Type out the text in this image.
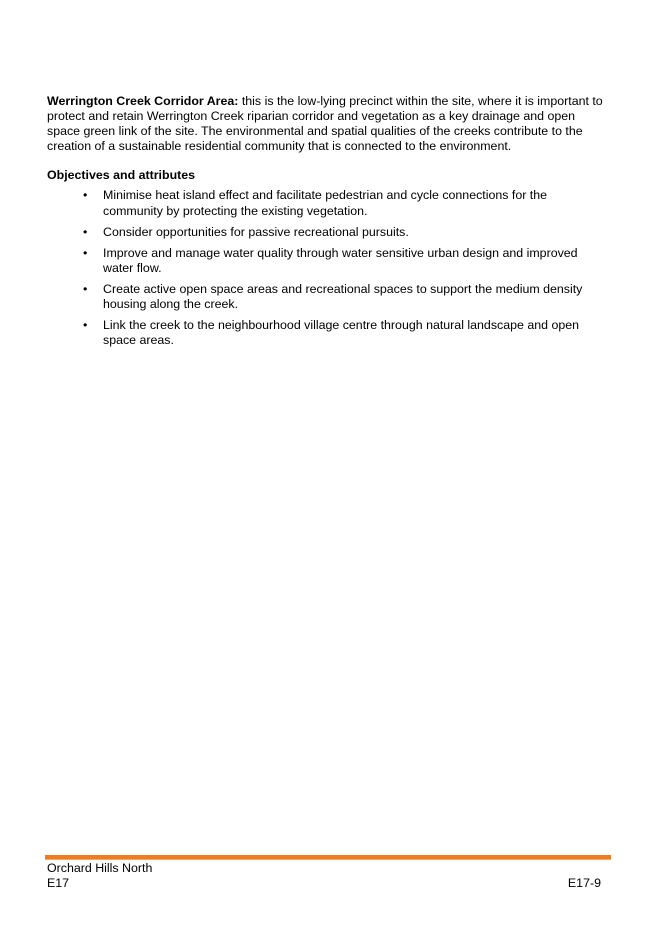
Werrington Creek Corridor Area: this is the low-lying precinct within the site, where it is important to protect and retain Werrington Creek riparian corridor and vegetation as a key drainage and open space green link of the site. The environmental and spatial qualities of the creeks contribute to the creation of a sustainable residential community that is connected to the environment.

Objectives and attributes

• Minimise heat island effect and facilitate pedestrian and cycle connections for the community by protecting the existing vegetation.
• Consider opportunities for passive recreational pursuits.
• Improve and manage water quality through water sensitive urban design and improved water flow.
• Create active open space areas and recreational spaces to support the medium density housing along the creek.
• Link the creek to the neighbourhood village centre through natural landscape and open space areas.
Orchard Hills North
E17	E17-9
